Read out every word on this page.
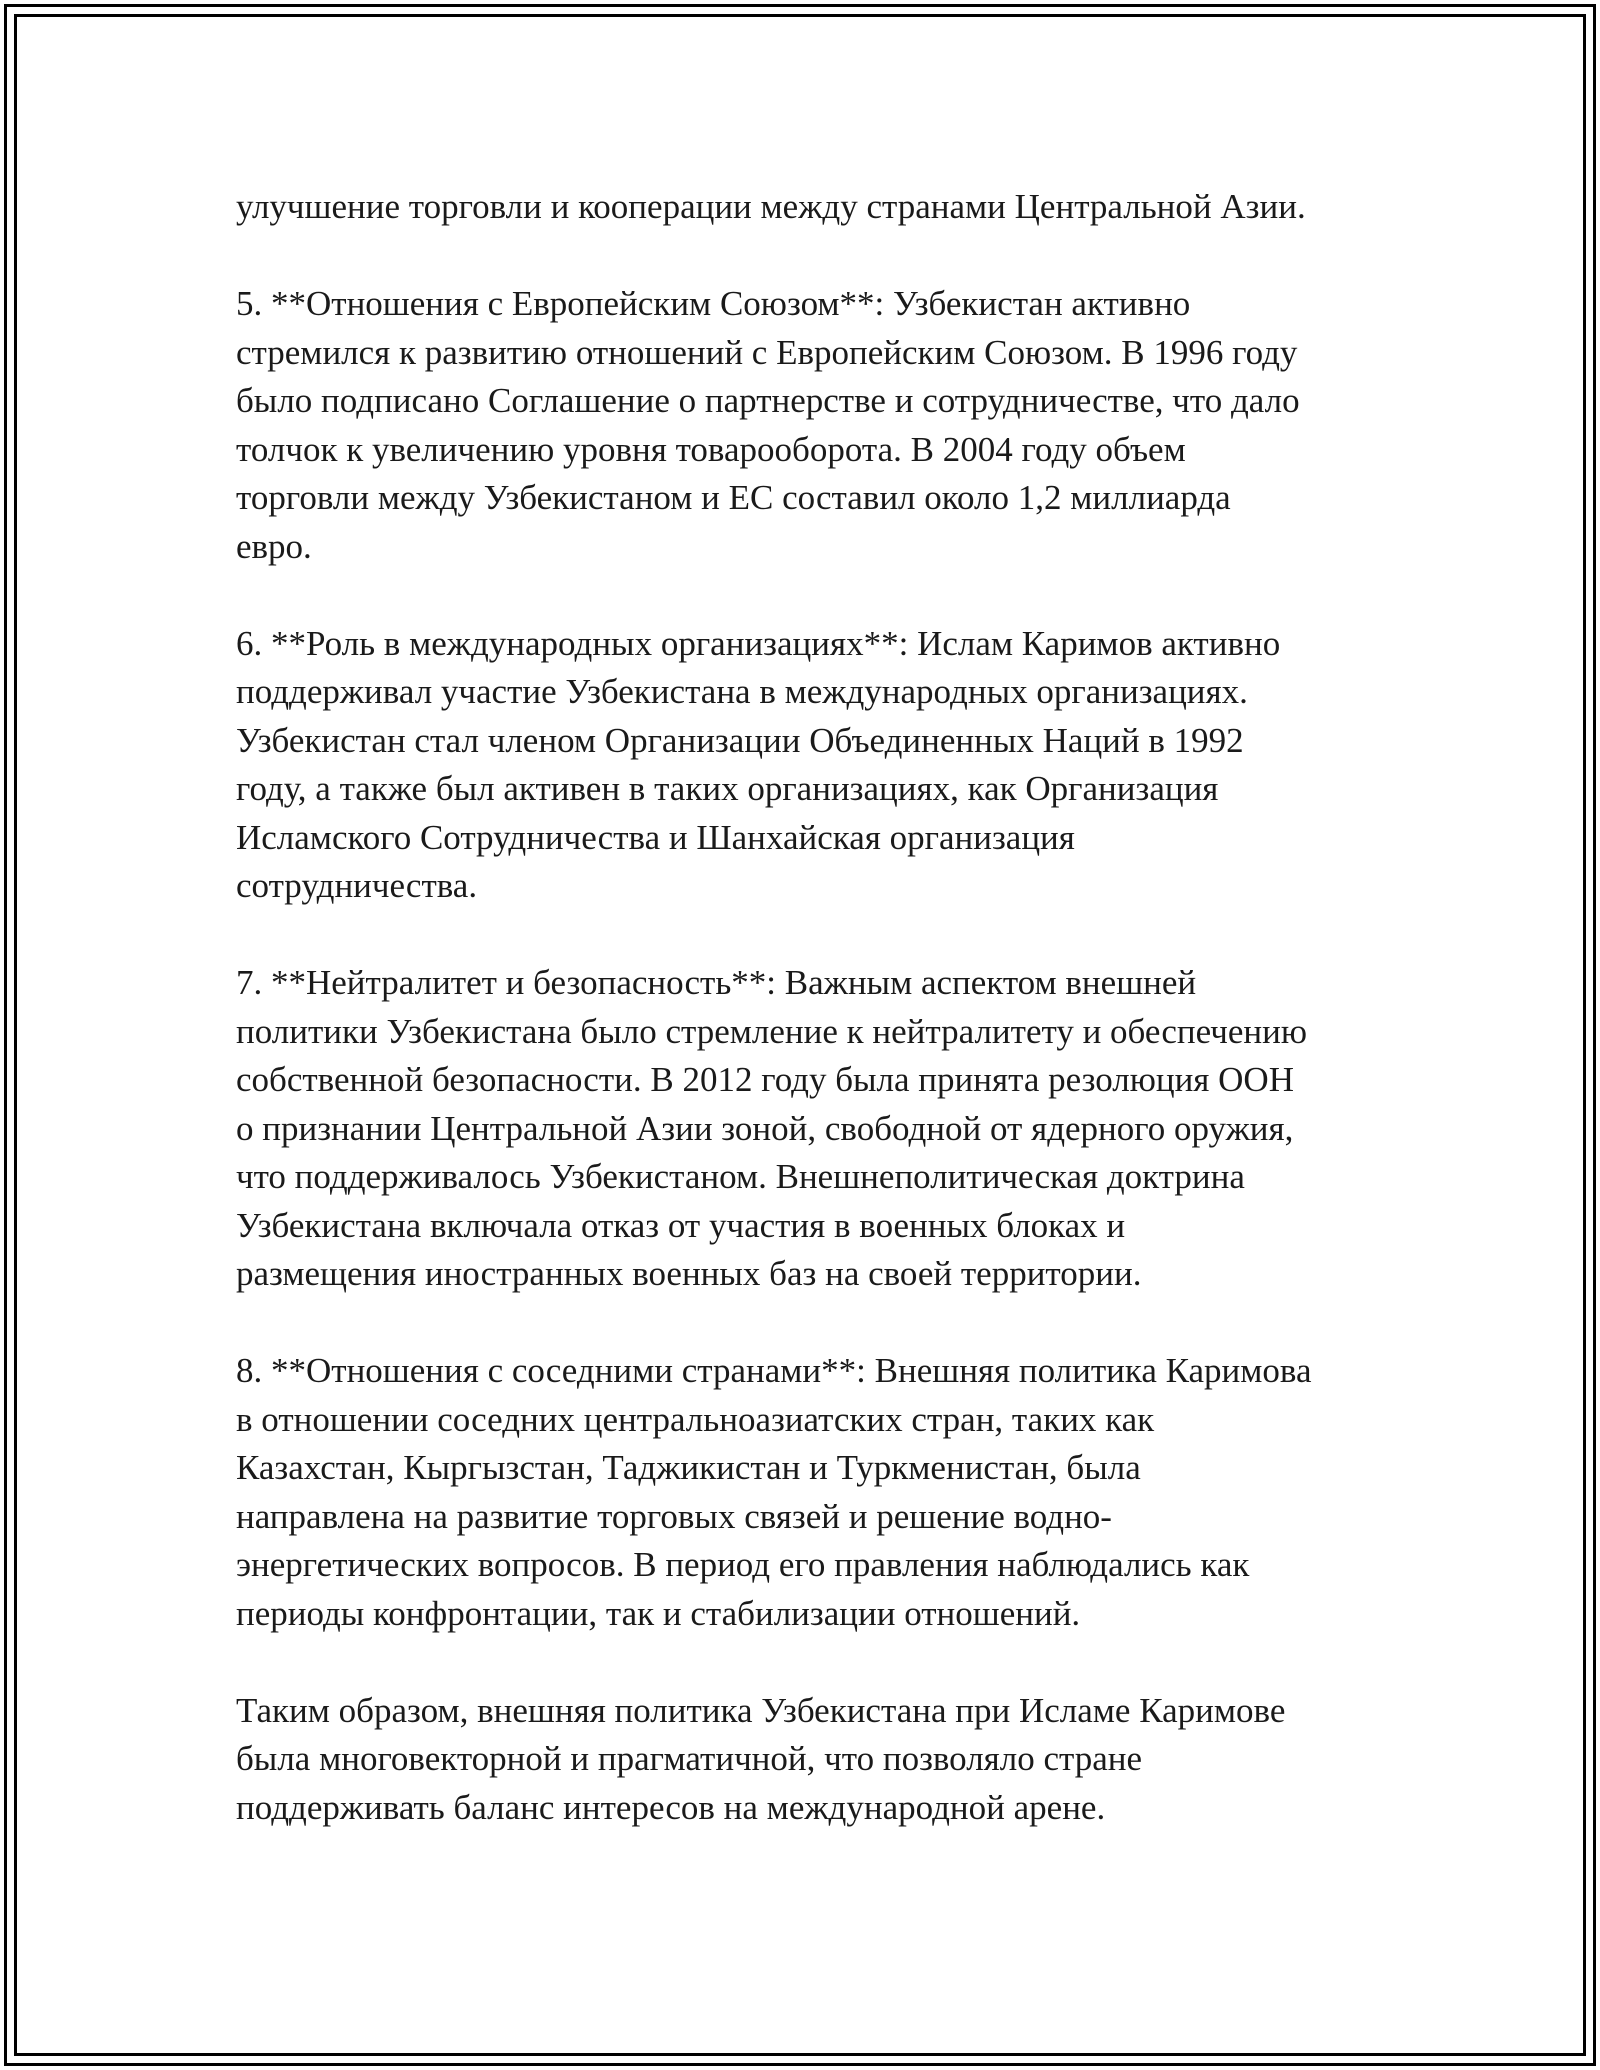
улучшение торговли и кооперации между странами Центральной Азии.

5. **Отношения с Европейским Союзом**: Узбекистан активно
стремился к развитию отношений с Европейским Союзом. В 1996 году
было подписано Соглашение о партнерстве и сотрудничестве, что дало
толчок к увеличению уровня товарооборота. В 2004 году объем
торговли между Узбекистаном и ЕС составил около 1,2 миллиарда
евро.

6. **Роль в международных организациях**: Ислам Каримов активно
поддерживал участие Узбекистана в международных организациях.
Узбекистан стал членом Организации Объединенных Наций в 1992
году, а также был активен в таких организациях, как Организация
Исламского Сотрудничества и Шанхайская организация
сотрудничества.

7. **Нейтралитет и безопасность**: Важным аспектом внешней
политики Узбекистана было стремление к нейтралитету и обеспечению
собственной безопасности. В 2012 году была принята резолюция ООН
о признании Центральной Азии зоной, свободной от ядерного оружия,
что поддерживалось Узбекистаном. Внешнеполитическая доктрина
Узбекистана включала отказ от участия в военных блоках и
размещения иностранных военных баз на своей территории.

8. **Отношения с соседними странами**: Внешняя политика Каримова
в отношении соседних центральноазиатских стран, таких как
Казахстан, Кыргызстан, Таджикистан и Туркменистан, была
направлена на развитие торговых связей и решение водно-
энергетических вопросов. В период его правления наблюдались как
периоды конфронтации, так и стабилизации отношений.

Таким образом, внешняя политика Узбекистана при Исламе Каримове
была многовекторной и прагматичной, что позволяло стране
поддерживать баланс интересов на международной арене.
